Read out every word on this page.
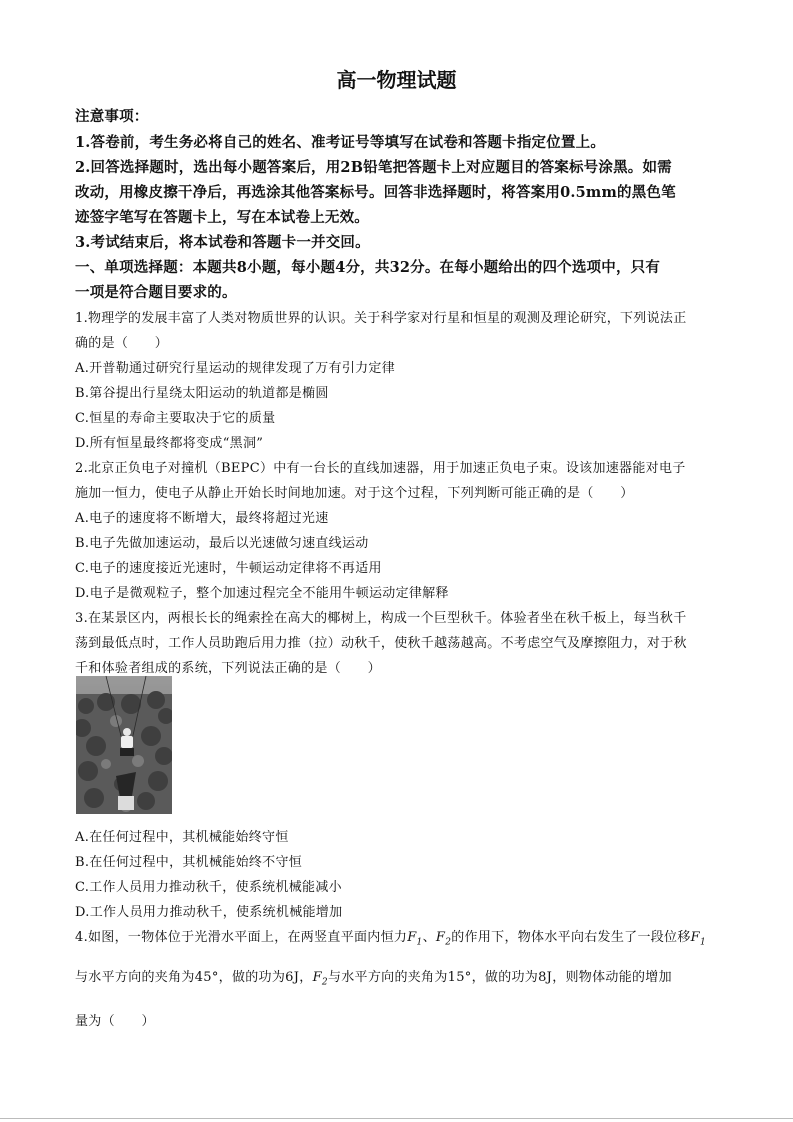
高一物理试题
注意事项：
1.答卷前，考生务必将自己的姓名、准考证号等填写在试卷和答题卡指定位置上。
2.回答选择题时，选出每小题答案后，用2B铅笔把答题卡上对应题目的答案标号涂黑。如需
改动，用橡皮擦干净后，再选涂其他答案标号。回答非选择题时，将答案用0.5mm的黑色笔
迹签字笔写在答题卡上，写在本试卷上无效。
3.考试结束后，将本试卷和答题卡一并交回。
一、单项选择题：本题共8小题，每小题4分，共32分。在每小题给出的四个选项中，只有
一项是符合题目要求的。
1.物理学的发展丰富了人类对物质世界的认识。关于科学家对行星和恒星的观测及理论研究，下列说法正
确的是（　　）
A.开普勒通过研究行星运动的规律发现了万有引力定律
B.第谷提出行星绕太阳运动的轨道都是椭圆
C.恒星的寿命主要取决于它的质量
D.所有恒星最终都将变成“黑洞”
2.北京正负电子对撞机（BEPC）中有一台长的直线加速器，用于加速正负电子束。设该加速器能对电子
施加一恒力，使电子从静止开始长时间地加速。对于这个过程，下列判断可能正确的是（　　）
A.电子的速度将不断增大，最终将超过光速
B.电子先做加速运动，最后以光速做匀速直线运动
C.电子的速度接近光速时，牛顿运动定律将不再适用
D.电子是微观粒子，整个加速过程完全不能用牛顿运动定律解释
3.在某景区内，两根长长的绳索拴在高大的椰树上，构成一个巨型秋千。体验者坐在秋千板上，每当秋千
荡到最低点时，工作人员助跑后用力推（拉）动秋千，使秋千越荡越高。不考虑空气及摩擦阻力，对于秋
千和体验者组成的系统，下列说法正确的是（　　）
A.在任何过程中，其机械能始终守恒
B.在任何过程中，其机械能始终不守恒
C.工作人员用力推动秋千，使系统机械能减小
D.工作人员用力推动秋千，使系统机械能增加
4.如图，一物体位于光滑水平面上，在两竖直平面内恒力$F_1$、$F_2$的作用下，物体水平向右发生了一段位移$F_1$
与水平方向的夹角为45°，做的功为6J，$F_2$与水平方向的夹角为15°，做的功为8J，则物体动能的增加
量为（　　）
